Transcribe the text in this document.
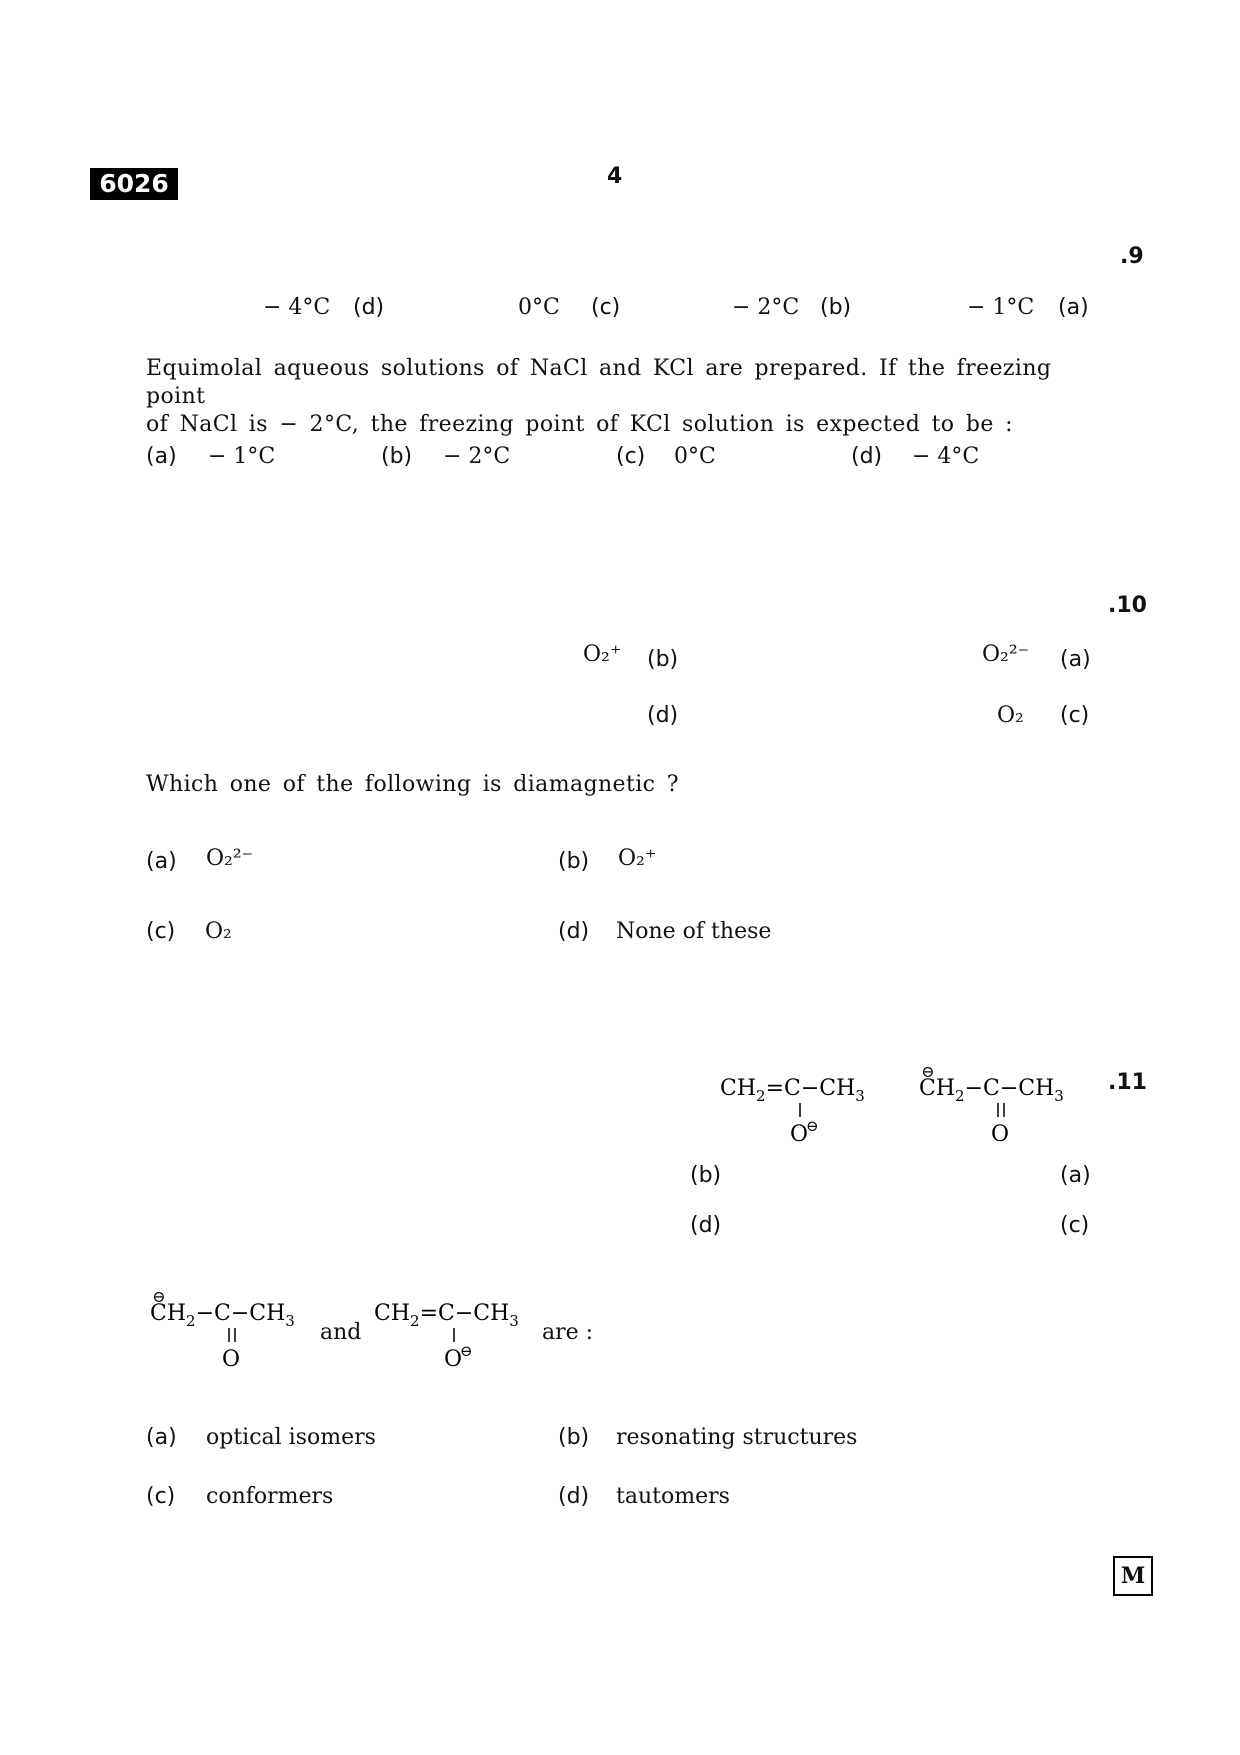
6026	4
.9
(a)
− 1°C
(b)
− 2°C
(c)
0°C
(d)
− 4°C
Equimolal aqueous solutions of NaCl and KCl are prepared. If the freezing point
of NaCl is − 2°C, the freezing point of KCl solution is expected to be :
(a) − 1°C	(b) − 2°C	(c) 0°C	(d) − 4°C
.10
(a)
O₂²⁻
(b)
O₂⁺
(c)
O₂
(d)
Which one of the following is diamagnetic ?
(a) O₂²⁻	(b) O₂⁺
(c) O₂	(d) None of these
.11
⊖
$CH_2-C-CH_3$
O
$CH_2=C-CH_3$
O
⊖
(a)
(b)
(c)
(d)
⊖
$CH_2-C-CH_3$
O
and
$CH_2=C-CH_3$
O
⊖
are :
(a) optical isomers	(b) resonating structures
(c) conformers	(d) tautomers
M
